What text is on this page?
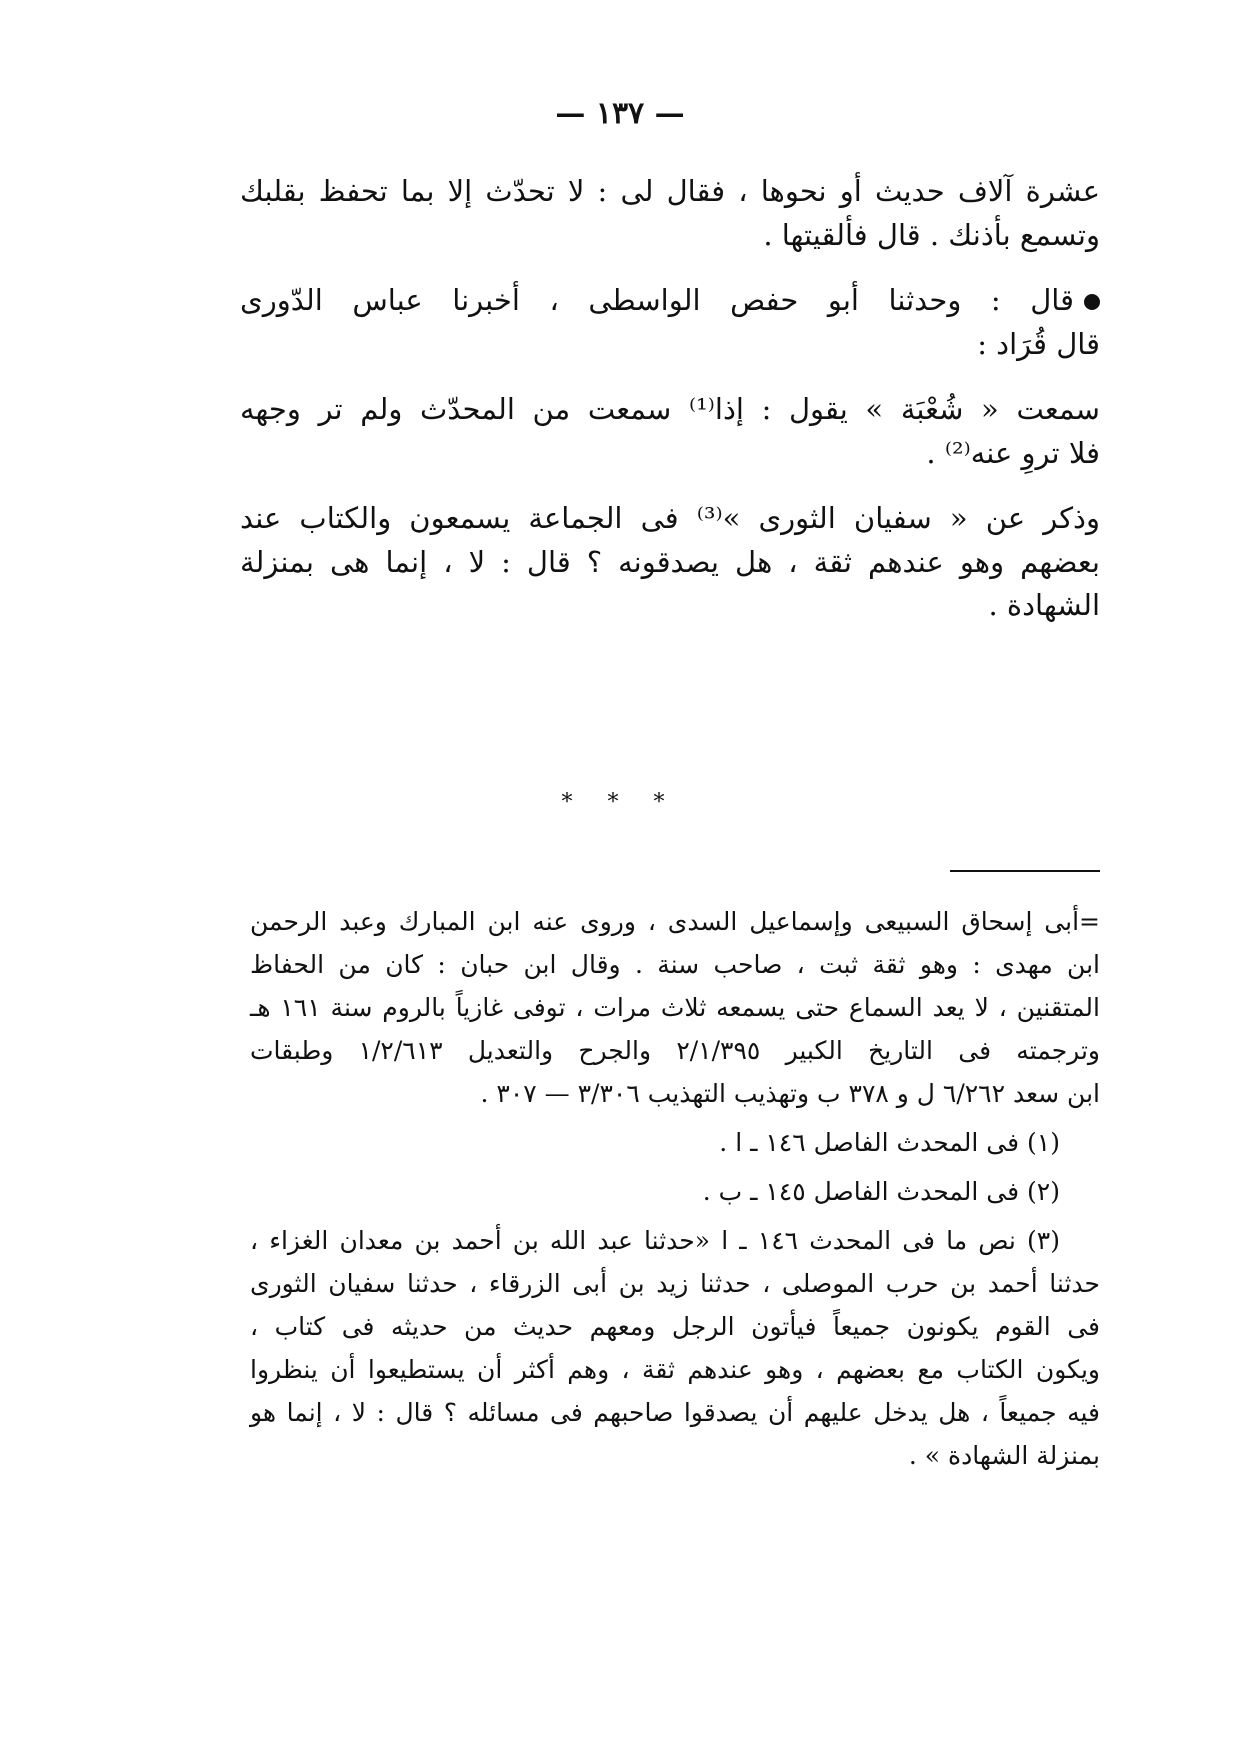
— ١٣٧ —

عشرة آلاف حديث أو نحوها ، فقال لى : لا تحدّث إلا بما تحفظ بقلبك
وتسمع بأذنك . قال فألقيتها .

قال : وحدثنا أبو حفص الواسطى ، أخبرنا عباس الدّورى
قال قُرَاد :

سمعت « شُعْبَة » يقول : إذا⁽¹⁾ سمعت من المحدّث ولم تر وجهه
فلا تروِ عنه⁽²⁾ .

وذكر عن « سفيان الثورى »⁽³⁾ فى الجماعة يسمعون والكتاب عند
بعضهم وهو عندهم ثقة ، هل يصدقونه ؟ قال : لا ، إنما هى بمنزلة الشهادة .

* * *
=أبى إسحاق السبيعى وإسماعيل السدى ، وروى عنه ابن المبارك وعبد الرحمن
ابن مهدى : وهو ثقة ثبت ، صاحب سنة . وقال ابن حبان : كان من الحفاظ
المتقنين ، لا يعد السماع حتى يسمعه ثلاث مرات ، توفى غازياً بالروم سنة ١٦١ هـ
وترجمته فى التاريخ الكبير ٢/١/٣٩٥ والجرح والتعديل ١/٢/٦١٣ وطبقات
ابن سعد ٦/٢٦٢ ل و ٣٧٨ ب وتهذيب التهذيب ٣/٣٠٦ — ٣٠٧ .
(١) فى المحدث الفاصل ١٤٦ ـ ا .
(٢) فى المحدث الفاصل ١٤٥ ـ ب .
(٣) نص ما فى المحدث ١٤٦ ـ ا «حدثنا عبد الله بن أحمد بن معدان الغزاء ،
حدثنا أحمد بن حرب الموصلى ، حدثنا زيد بن أبى الزرقاء ، حدثنا سفيان الثورى
فى القوم يكونون جميعاً فيأتون الرجل ومعهم حديث من حديثه فى كتاب ،
ويكون الكتاب مع بعضهم ، وهو عندهم ثقة ، وهم أكثر أن يستطيعوا أن ينظروا
فيه جميعاً ، هل يدخل عليهم أن يصدقوا صاحبهم فى مسائله ؟ قال : لا ، إنما هو
بمنزلة الشهادة » .
